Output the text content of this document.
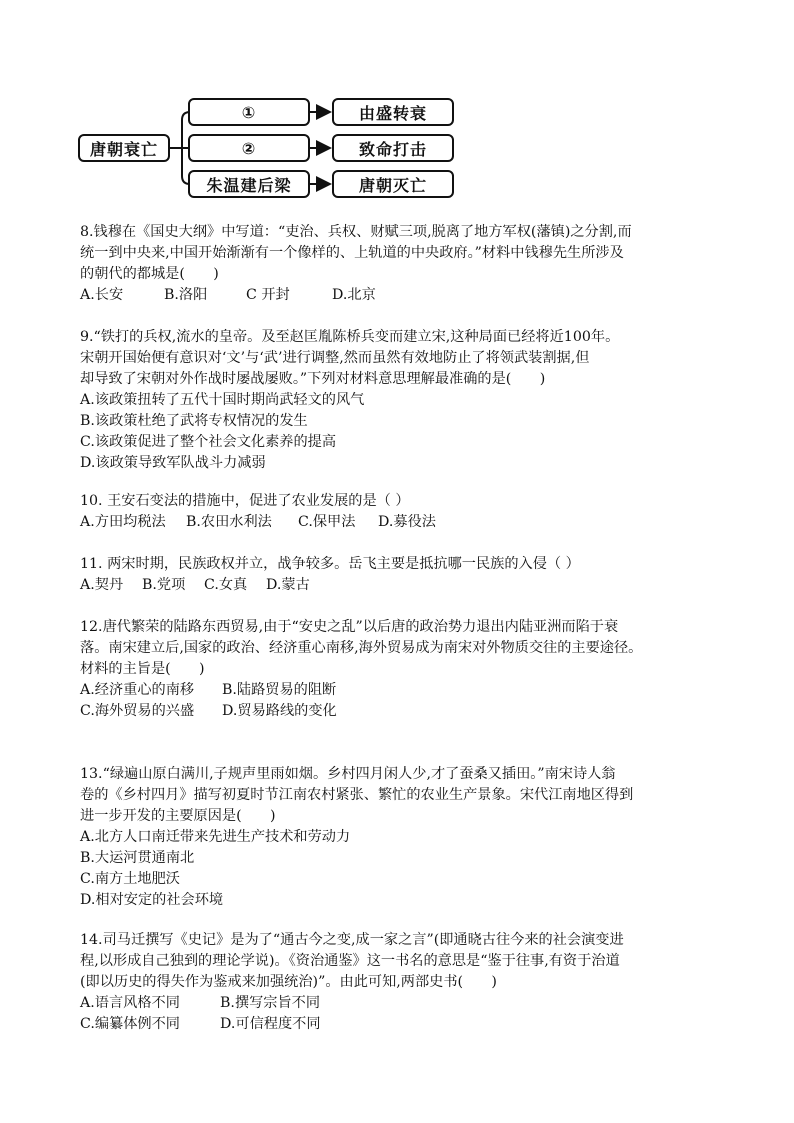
唐朝衰亡
①
②
朱温建后梁
由盛转衰
致命打击
唐朝灭亡
8.钱穆在《国史大纲》中写道：“吏治、兵权、财赋三项,脱离了地方军权(藩镇)之分割,而
统一到中央来,中国开始渐渐有一个像样的、上轨道的中央政府。”材料中钱穆先生所涉及
的朝代的都城是(　　)
A.长安	B.洛阳	C 开封	D.北京
9.“铁打的兵权,流水的皇帝。及至赵匡胤陈桥兵变而建立宋,这种局面已经将近100年。
宋朝开国始便有意识对‘文’与‘武’进行调整,然而虽然有效地防止了将领武装割据,但
却导致了宋朝对外作战时屡战屡败。”下列对材料意思理解最准确的是(　　)
A.该政策扭转了五代十国时期尚武轻文的风气
B.该政策杜绝了武将专权情况的发生
C.该政策促进了整个社会文化素养的提高
D.该政策导致军队战斗力减弱
10. 王安石变法的措施中，促进了农业发展的是（ ）
A.方田均税法 B.农田水利法 C.保甲法 D.募役法
11. 两宋时期，民族政权并立，战争较多。岳飞主要是抵抗哪一民族的入侵（ ）
A.契丹 B.党项 C.女真 D.蒙古
12.唐代繁荣的陆路东西贸易,由于“安史之乱”以后唐的政治势力退出内陆亚洲而陷于衰
落。南宋建立后,国家的政治、经济重心南移,海外贸易成为南宋对外物质交往的主要途径。
材料的主旨是(　　)
A.经济重心的南移 B.陆路贸易的阻断
C.海外贸易的兴盛 D.贸易路线的变化
13.“绿遍山原白满川,子规声里雨如烟。乡村四月闲人少,才了蚕桑又插田。”南宋诗人翁
卷的《乡村四月》描写初夏时节江南农村紧张、繁忙的农业生产景象。宋代江南地区得到
进一步开发的主要原因是(　　)
A.北方人口南迁带来先进生产技术和劳动力
B.大运河贯通南北
C.南方土地肥沃
D.相对安定的社会环境
14.司马迁撰写《史记》是为了“通古今之变,成一家之言”(即通晓古往今来的社会演变进
程,以形成自己独到的理论学说)。《资治通鉴》这一书名的意思是“鉴于往事,有资于治道
(即以历史的得失作为鉴戒来加强统治)”。由此可知,两部史书(　　)
A.语言风格不同	B.撰写宗旨不同
C.编纂体例不同	D.可信程度不同
